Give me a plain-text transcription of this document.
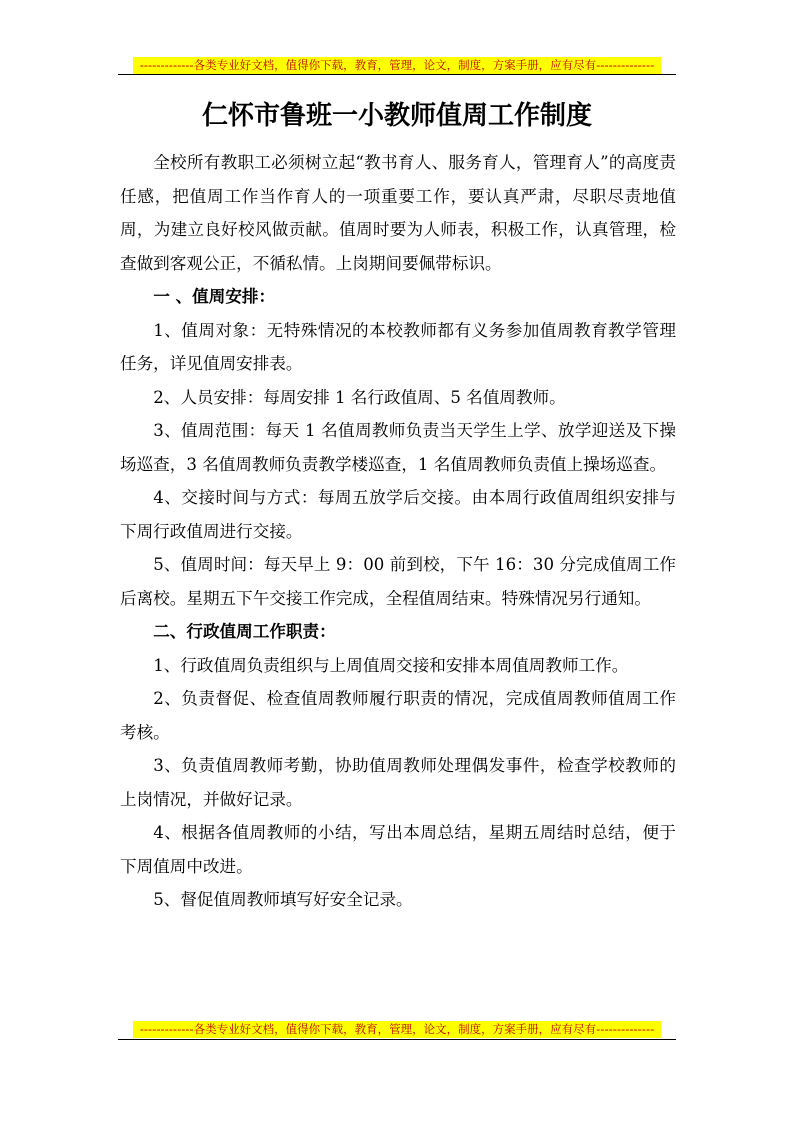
-------------各类专业好文档，值得你下载，教育，管理，论文，制度，方案手册，应有尽有--------------
仁怀市鲁班一小教师值周工作制度

全校所有教职工必须树立起“教书育人、服务育人，管理育人”的高度责任感，把值周工作当作育人的一项重要工作，要认真严肃，尽职尽责地值周，为建立良好校风做贡献。值周时要为人师表，积极工作，认真管理，检查做到客观公正，不循私情。上岗期间要佩带标识。

一 、值周安排：

1、值周对象：无特殊情况的本校教师都有义务参加值周教育教学管理任务，详见值周安排表。

2、人员安排：每周安排 1 名行政值周、5 名值周教师。

3、值周范围：每天 1 名值周教师负责当天学生上学、放学迎送及下操场巡查，3 名值周教师负责教学楼巡查，1 名值周教师负责值上操场巡查。

4、交接时间与方式：每周五放学后交接。由本周行政值周组织安排与下周行政值周进行交接。

5、值周时间：每天早上 9：00 前到校，下午 16：30 分完成值周工作后离校。星期五下午交接工作完成，全程值周结束。特殊情况另行通知。

二、行政值周工作职责：

1、行政值周负责组织与上周值周交接和安排本周值周教师工作。

2、负责督促、检查值周教师履行职责的情况，完成值周教师值周工作考核。

3、负责值周教师考勤，协助值周教师处理偶发事件，检查学校教师的上岗情况，并做好记录。

4、根据各值周教师的小结，写出本周总结，星期五周结时总结，便于下周值周中改进。

5、督促值周教师填写好安全记录。

-------------各类专业好文档，值得你下载，教育，管理，论文，制度，方案手册，应有尽有--------------
